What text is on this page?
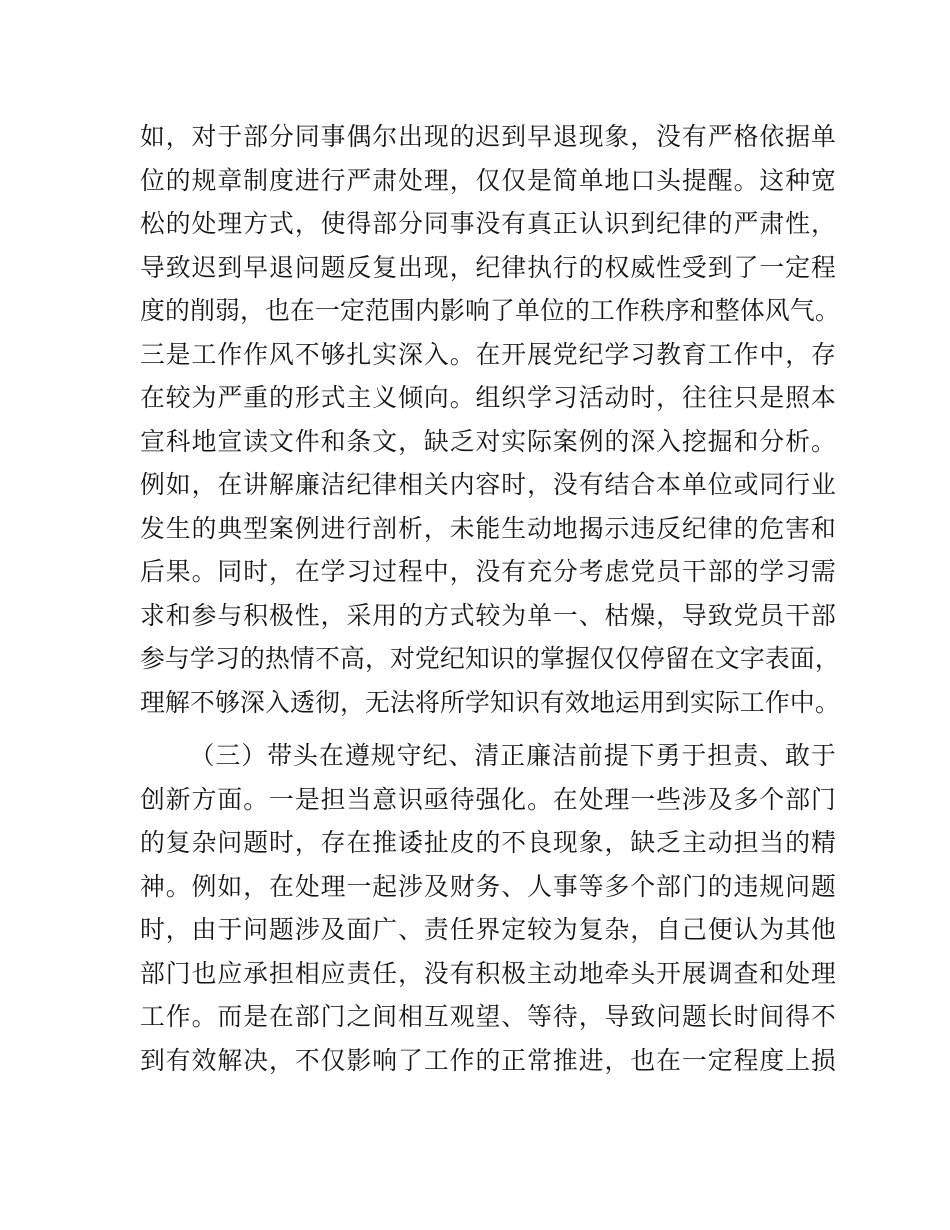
如，对于部分同事偶尔出现的迟到早退现象，没有严格依据单
位的规章制度进行严肃处理，仅仅是简单地口头提醒。这种宽
松的处理方式，使得部分同事没有真正认识到纪律的严肃性，
导致迟到早退问题反复出现，纪律执行的权威性受到了一定程
度的削弱，也在一定范围内影响了单位的工作秩序和整体风气。
三是工作作风不够扎实深入。在开展党纪学习教育工作中，存
在较为严重的形式主义倾向。组织学习活动时，往往只是照本
宣科地宣读文件和条文，缺乏对实际案例的深入挖掘和分析。
例如，在讲解廉洁纪律相关内容时，没有结合本单位或同行业
发生的典型案例进行剖析，未能生动地揭示违反纪律的危害和
后果。同时，在学习过程中，没有充分考虑党员干部的学习需
求和参与积极性，采用的方式较为单一、枯燥，导致党员干部
参与学习的热情不高，对党纪知识的掌握仅仅停留在文字表面，
理解不够深入透彻，无法将所学知识有效地运用到实际工作中。
（三）带头在遵规守纪、清正廉洁前提下勇于担责、敢于
创新方面。一是担当意识亟待强化。在处理一些涉及多个部门
的复杂问题时，存在推诿扯皮的不良现象，缺乏主动担当的精
神。例如，在处理一起涉及财务、人事等多个部门的违规问题
时，由于问题涉及面广、责任界定较为复杂，自己便认为其他
部门也应承担相应责任，没有积极主动地牵头开展调查和处理
工作。而是在部门之间相互观望、等待，导致问题长时间得不
到有效解决，不仅影响了工作的正常推进，也在一定程度上损
